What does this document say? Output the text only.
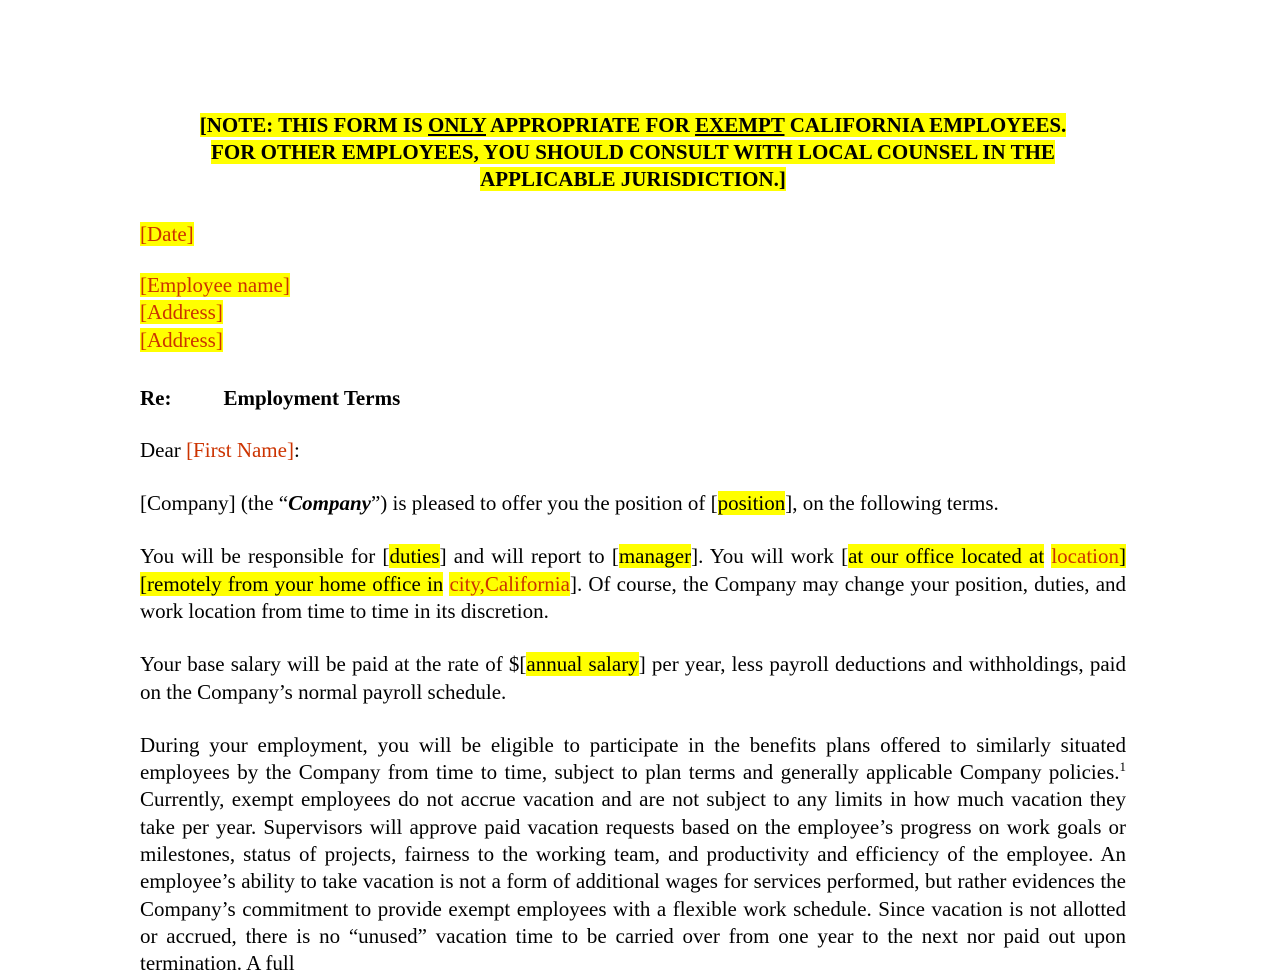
[NOTE: THIS FORM IS ONLY APPROPRIATE FOR EXEMPT CALIFORNIA EMPLOYEES.
FOR OTHER EMPLOYEES, YOU SHOULD CONSULT WITH LOCAL COUNSEL IN THE
APPLICABLE JURISDICTION.]
[Date]
[Employee name]
[Address]
[Address]
Re: Employment Terms

Dear [First Name]:

[Company] (the “Company”) is pleased to offer you the position of [position], on the following terms.

You will be responsible for [duties] and will report to [manager]. You will work [at our office located at location][remotely from your home office in city,California]. Of course, the Company may change your position, duties, and work location from time to time in its discretion.

Your base salary will be paid at the rate of $[annual salary] per year, less payroll deductions and withholdings, paid on the Company’s normal payroll schedule.

During your employment, you will be eligible to participate in the benefits plans offered to similarly situated employees by the Company from time to time, subject to plan terms and generally applicable Company policies.$^1$ Currently, exempt employees do not accrue vacation and are not subject to any limits in how much vacation they take per year. Supervisors will approve paid vacation requests based on the employee’s progress on work goals or milestones, status of projects, fairness to the working team, and productivity and efficiency of the employee. An employee’s ability to take vacation is not a form of additional wages for services performed, but rather evidences the Company’s commitment to provide exempt employees with a flexible work schedule. Since vacation is not allotted or accrued, there is no “unused” vacation time to be carried over from one year to the next nor paid out upon termination. A full
